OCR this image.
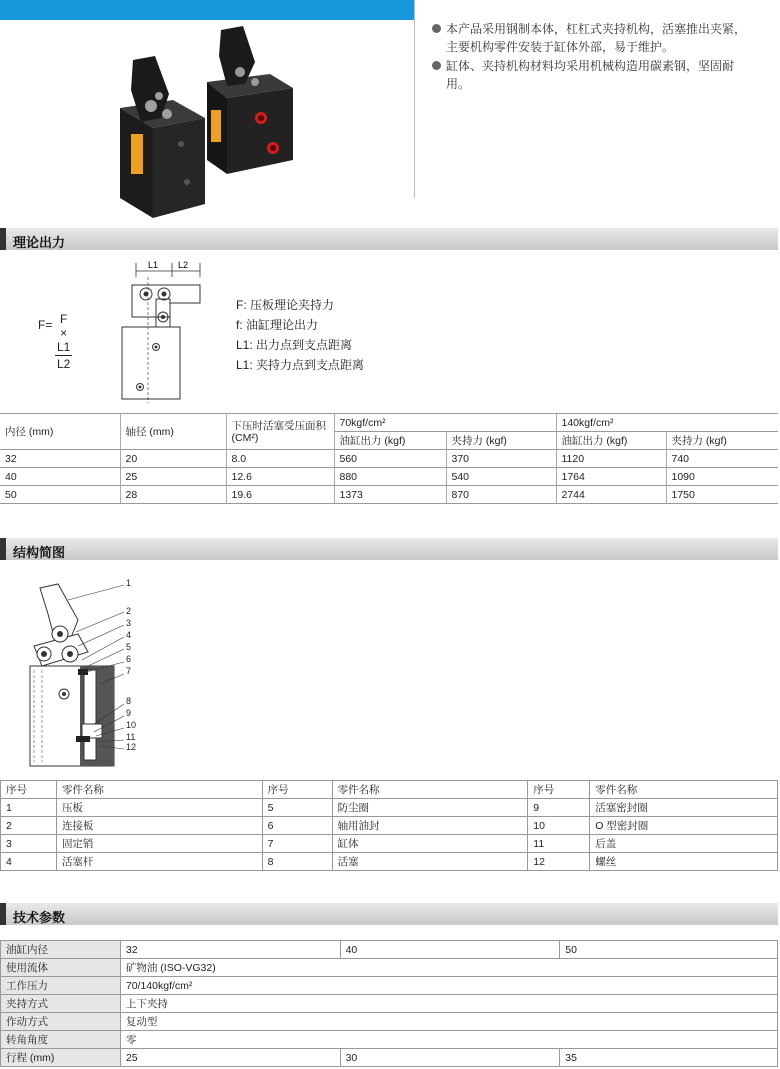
本产品采用钢制本体，杠杠式夹持机构，活塞推出夹紧，主要机构零件安装于缸体外部，易于维护。
缸体、夹持机构材料均采用机械构造用碳素钢，坚固耐用。
理论出力
$F= \frac{F \times L1}{L2}$
L1 L2
F: 压板理论夹持力
f: 油缸理论出力
L1: 出力点到支点距离
L1: 夹持力点到支点距离
内径 (mm)	轴径 (mm)	下压时活塞受压面积 (CM²)	70kgf/cm²		140kgf/cm²	
			油缸出力 (kgf)	夹持力 (kgf)	油缸出力 (kgf)	夹持力 (kgf)
32	20	8.0	560	370	1120	740
40	25	12.6	880	540	1764	1090
50	28	19.6	1373	870	2744	1750
结构简图
1
2
3
4
5
6
7
8
9
10
11
12
序号	零件名称	序号	零件名称	序号	零件名称
1	压板	5	防尘圈	9	活塞密封圈
2	连接板	6	轴用油封	10	O 型密封圈
3	固定销	7	缸体	11	后盖
4	活塞杆	8	活塞	12	螺丝
技术参数
油缸内径	32	40	50
使用流体	矿物油 (ISO-VG32)		
工作压力	70/140kgf/cm²		
夹持方式	上下夹持		
作动方式	复动型		
转角角度	零		
行程 (mm)	25	30	35
